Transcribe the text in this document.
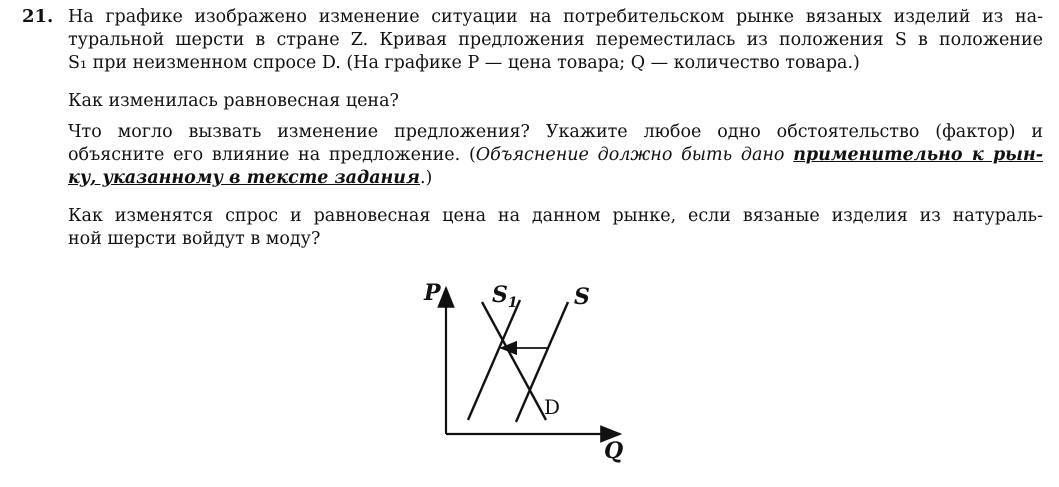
21. На графике изображено изменение ситуации на потребительском рынке вязаных изделий из на-
туральной шерсти в стране Z. Кривая предложения переместилась из положения S в положение
S₁ при неизменном спросе D. (На графике P — цена товара; Q — количество товара.)
Как изменилась равновесная цена?
Что могло вызвать изменение предложения? Укажите любое одно обстоятельство (фактор) и
объясните его влияние на предложение. (Объяснение должно быть дано применительно к рын-
ку, указанному в тексте задания.)
Как изменятся спрос и равновесная цена на данном рынке, если вязаные изделия из натураль-
ной шерсти войдут в моду?
P
Q
$S_1$	S
D
